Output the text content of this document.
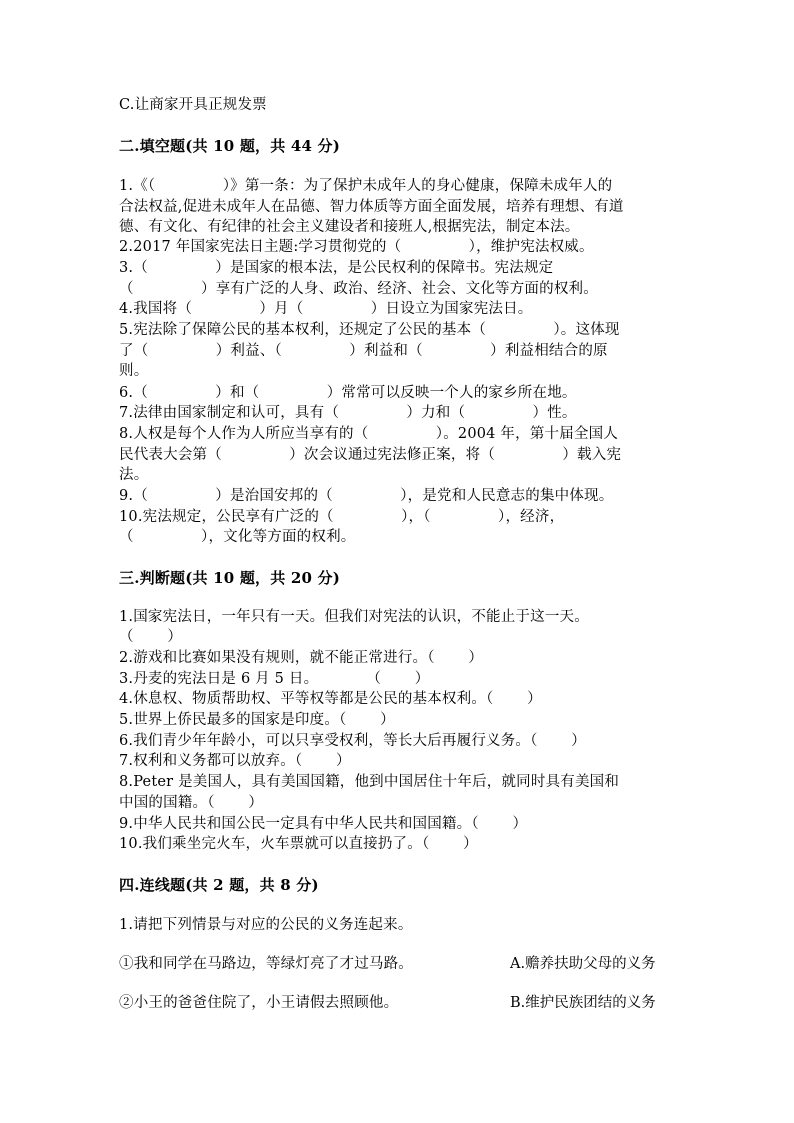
C.让商家开具正规发票
二.填空题(共 10 题，共 44 分)
1.《（              ）》第一条：为了保护未成年人的身心健康，保障未成年人的
合法权益,促进未成年人在品德、智力体质等方面全面发展，培养有理想、有道
德、有文化、有纪律的社会主义建设者和接班人,根据宪法，制定本法。
2.2017 年国家宪法日主题:学习贯彻党的（              ），维护宪法权威。
3.（              ）是国家的根本法，是公民权利的保障书。宪法规定
（              ）享有广泛的人身、政治、经济、社会、文化等方面的权利。
4.我国将（              ）月（              ）日设立为国家宪法日。
5.宪法除了保障公民的基本权利，还规定了公民的基本（              ）。这体现
了（              ）利益、（              ）利益和（              ）利益相结合的原
则。
6.（              ）和（              ）常常可以反映一个人的家乡所在地。
7.法律由国家制定和认可，具有（              ）力和（              ）性。
8.人权是每个人作为人所应当享有的（              ）。2004 年，第十届全国人
民代表大会第（              ）次会议通过宪法修正案，将（              ）载入宪
法。
9.（              ）是治国安邦的（              ），是党和人民意志的集中体现。
10.宪法规定，公民享有广泛的（              ），（              ），经济，
（              ），文化等方面的权利。
三.判断题(共 10 题，共 20 分)
1.国家宪法日，一年只有一天。但我们对宪法的认识，不能止于这一天。
（       ）
2.游戏和比赛如果没有规则，就不能正常进行。（       ）
3.丹麦的宪法日是 6 月 5 日。          （       ）
4.休息权、物质帮助权、平等权等都是公民的基本权利。（       ）
5.世界上侨民最多的国家是印度。（       ）
6.我们青少年年龄小，可以只享受权利，等长大后再履行义务。（       ）
7.权利和义务都可以放弃。（       ）
8.Peter 是美国人，具有美国国籍，他到中国居住十年后，就同时具有美国和
中国的国籍。（       ）
9.中华人民共和国公民一定具有中华人民共和国国籍。（       ）
10.我们乘坐完火车，火车票就可以直接扔了。（       ）
四.连线题(共 2 题，共 8 分)
1.请把下列情景与对应的公民的义务连起来。
①我和同学在马路边，等绿灯亮了才过马路。	A.赡养扶助父母的义务
②小王的爸爸住院了，小王请假去照顾他。	B.维护民族团结的义务
